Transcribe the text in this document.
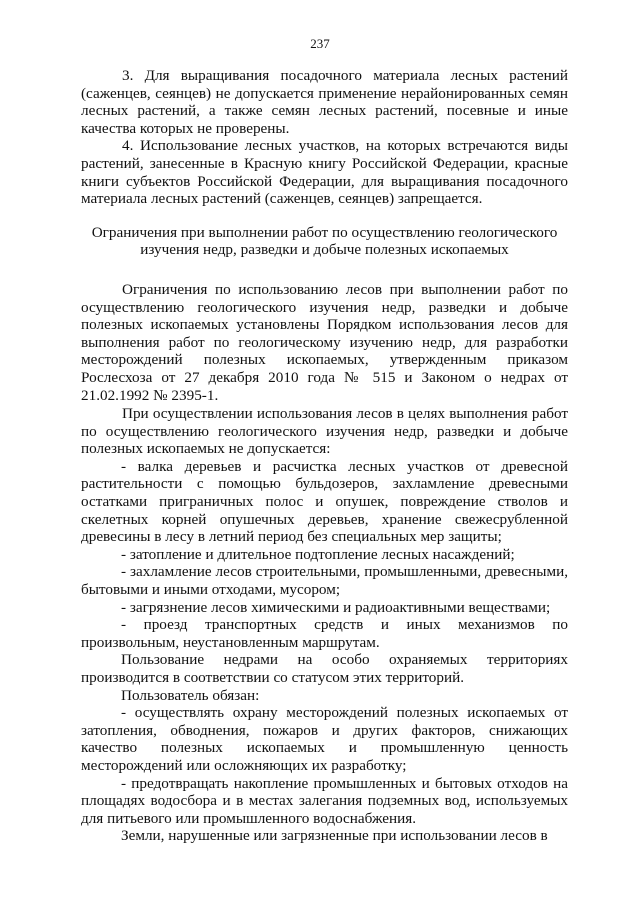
237

3. Для выращивания посадочного материала лесных растений (саженцев, сеянцев) не допускается применение нерайонированных семян лесных растений, а также семян лесных растений, посевные и иные качества которых не проверены.

4. Использование лесных участков, на которых встречаются виды растений, занесенные в Красную книгу Российской Федерации, красные книги субъектов Российской Федерации, для выращивания посадочного материала лесных растений (саженцев, сеянцев) запрещается.

Ограничения при выполнении работ по осуществлению геологического изучения недр, разведки и добыче полезных ископаемых

Ограничения по использованию лесов при выполнении работ по осуществлению геологического изучения недр, разведки и добыче полезных ископаемых установлены Порядком использования лесов для выполнения работ по геологическому изучению недр, для разработки месторождений полезных ископаемых, утвержденным приказом Рослесхоза от 27 декабря 2010 года № 515 и Законом о недрах от 21.02.1992 № 2395-1.

При осуществлении использования лесов в целях выполнения работ по осуществлению геологического изучения недр, разведки и добыче полезных ископаемых не допускается:

- валка деревьев и расчистка лесных участков от древесной растительности с помощью бульдозеров, захламление древесными остатками приграничных полос и опушек, повреждение стволов и скелетных корней опушечных деревьев, хранение свежесрубленной древесины в лесу в летний период без специальных мер защиты;

- затопление и длительное подтопление лесных насаждений;

- захламление лесов строительными, промышленными, древесными, бытовыми и иными отходами, мусором;

- загрязнение лесов химическими и радиоактивными веществами;

- проезд транспортных средств и иных механизмов по произвольным, неустановленным маршрутам.

Пользование недрами на особо охраняемых территориях производится в соответствии со статусом этих территорий.

Пользователь обязан:

- осуществлять охрану месторождений полезных ископаемых от затопления, обводнения, пожаров и других факторов, снижающих качество полезных ископаемых и промышленную ценность месторождений или осложняющих их разработку;

- предотвращать накопление промышленных и бытовых отходов на площадях водосбора и в местах залегания подземных вод, используемых для питьевого или промышленного водоснабжения.

Земли, нарушенные или загрязненные при использовании лесов в
